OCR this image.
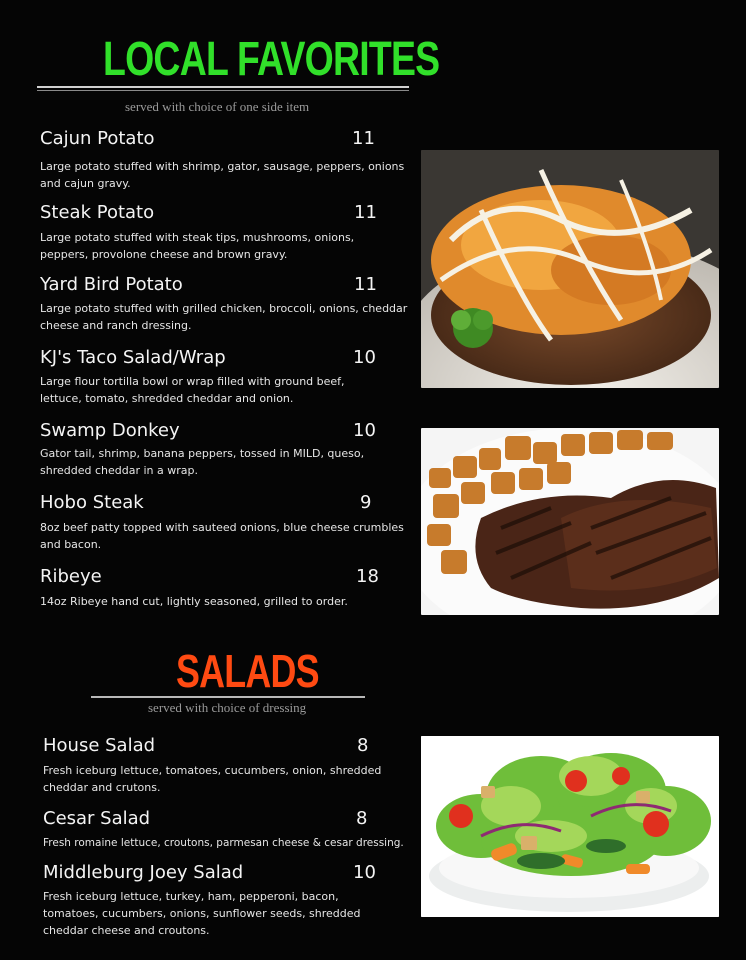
LOCAL FAVORITES

served with choice of one side item

Cajun Potato	11
Large potato stuffed with shrimp, gator, sausage, peppers, onions and cajun gravy.
Steak Potato	11
Large potato stuffed with steak tips, mushrooms, onions, peppers, provolone cheese and brown gravy.
Yard Bird Potato	11
Large potato stuffed with grilled chicken, broccoli, onions, cheddar cheese and ranch dressing.
KJ's Taco Salad/Wrap	10
Large flour tortilla bowl or wrap filled with ground beef, lettuce, tomato, shredded cheddar and onion.
Swamp Donkey	10
Gator tail, shrimp, banana peppers, tossed in MILD, queso, shredded cheddar in a wrap.
Hobo Steak	9
8oz beef patty topped with sauteed onions, blue cheese crumbles and bacon.
Ribeye	18
14oz Ribeye hand cut, lightly seasoned, grilled to order.
SALADS

served with choice of dressing

House Salad	8
Fresh iceburg lettuce, tomatoes, cucumbers, onion, shredded cheddar and crutons.
Cesar Salad	8
Fresh romaine lettuce, croutons, parmesan cheese & cesar dressing.
Middleburg Joey Salad	10
Fresh iceburg lettuce, turkey, ham, pepperoni, bacon, tomatoes, cucumbers, onions, sunflower seeds, shredded cheddar cheese and croutons.
